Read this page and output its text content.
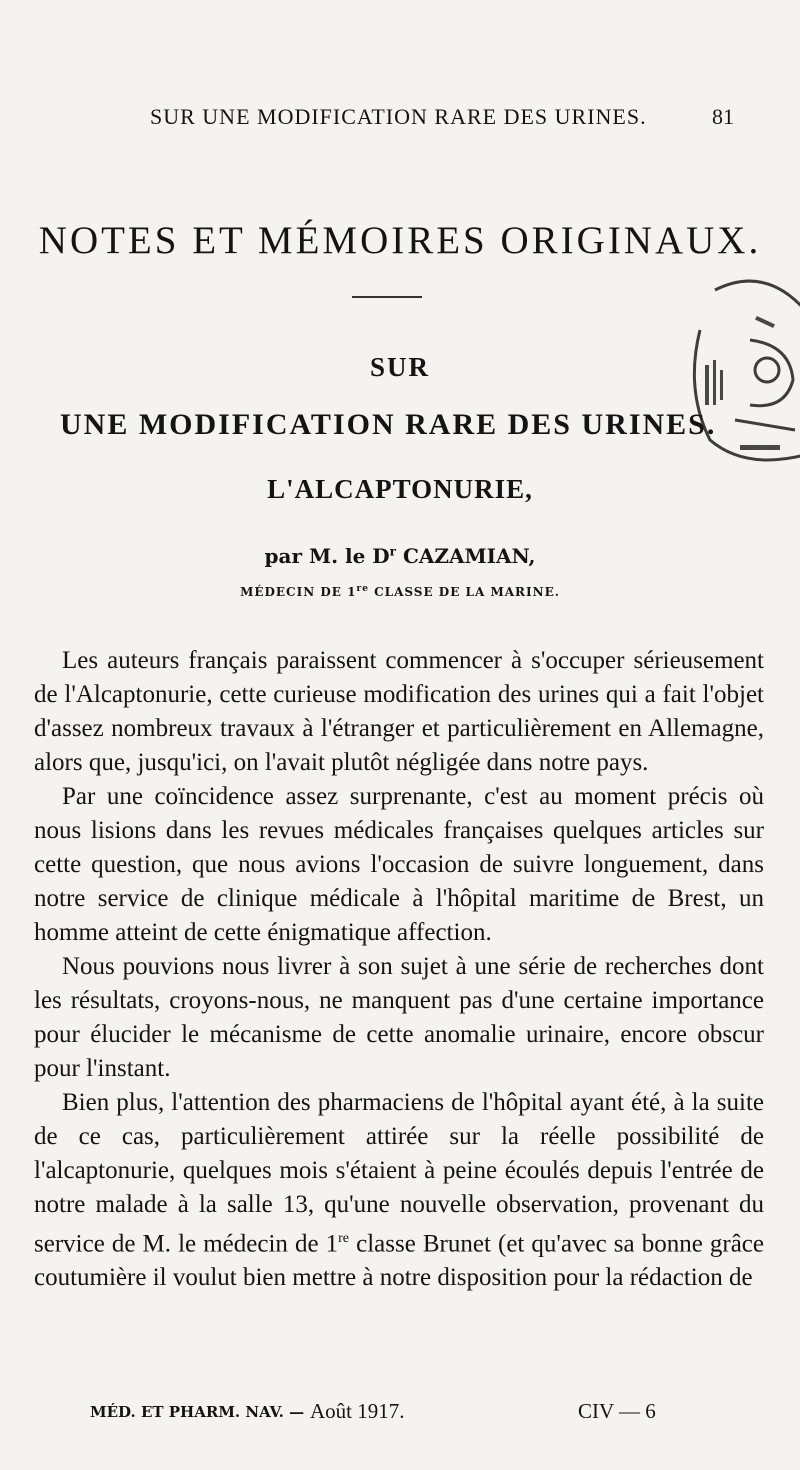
SUR UNE MODIFICATION RARE DES URINES.	81
NOTES ET MÉMOIRES ORIGINAUX.
SUR
UNE MODIFICATION RARE DES URINES.
L'ALCAPTONURIE,
par M. le $D^r$ CAZAMIAN,
MÉDECIN DE 1re CLASSE DE LA MARINE.

Les auteurs français paraissent commencer à s'occuper sérieusement de l'Alcaptonurie, cette curieuse modification des urines qui a fait l'objet d'assez nombreux travaux à l'étranger et particulièrement en Allemagne, alors que, jusqu'ici, on l'avait plutôt négligée dans notre pays.

Par une coïncidence assez surprenante, c'est au moment précis où nous lisions dans les revues médicales françaises quelques articles sur cette question, que nous avions l'occasion de suivre longuement, dans notre service de clinique médicale à l'hôpital maritime de Brest, un homme atteint de cette énigmatique affection.

Nous pouvions nous livrer à son sujet à une série de recherches dont les résultats, croyons-nous, ne manquent pas d'une certaine importance pour élucider le mécanisme de cette anomalie urinaire, encore obscur pour l'instant.

Bien plus, l'attention des pharmaciens de l'hôpital ayant été, à la suite de ce cas, particulièrement attirée sur la réelle possibilité de l'alcaptonurie, quelques mois s'étaient à peine écoulés depuis l'entrée de notre malade à la salle 13, qu'une nouvelle observation, provenant du service de M. le médecin de 1re classe Brunet (et qu'avec sa bonne grâce coutumière il voulut bien mettre à notre disposition pour la rédaction de

MÉD. ET PHARM. NAV. — Août 1917.	CIV — 6
